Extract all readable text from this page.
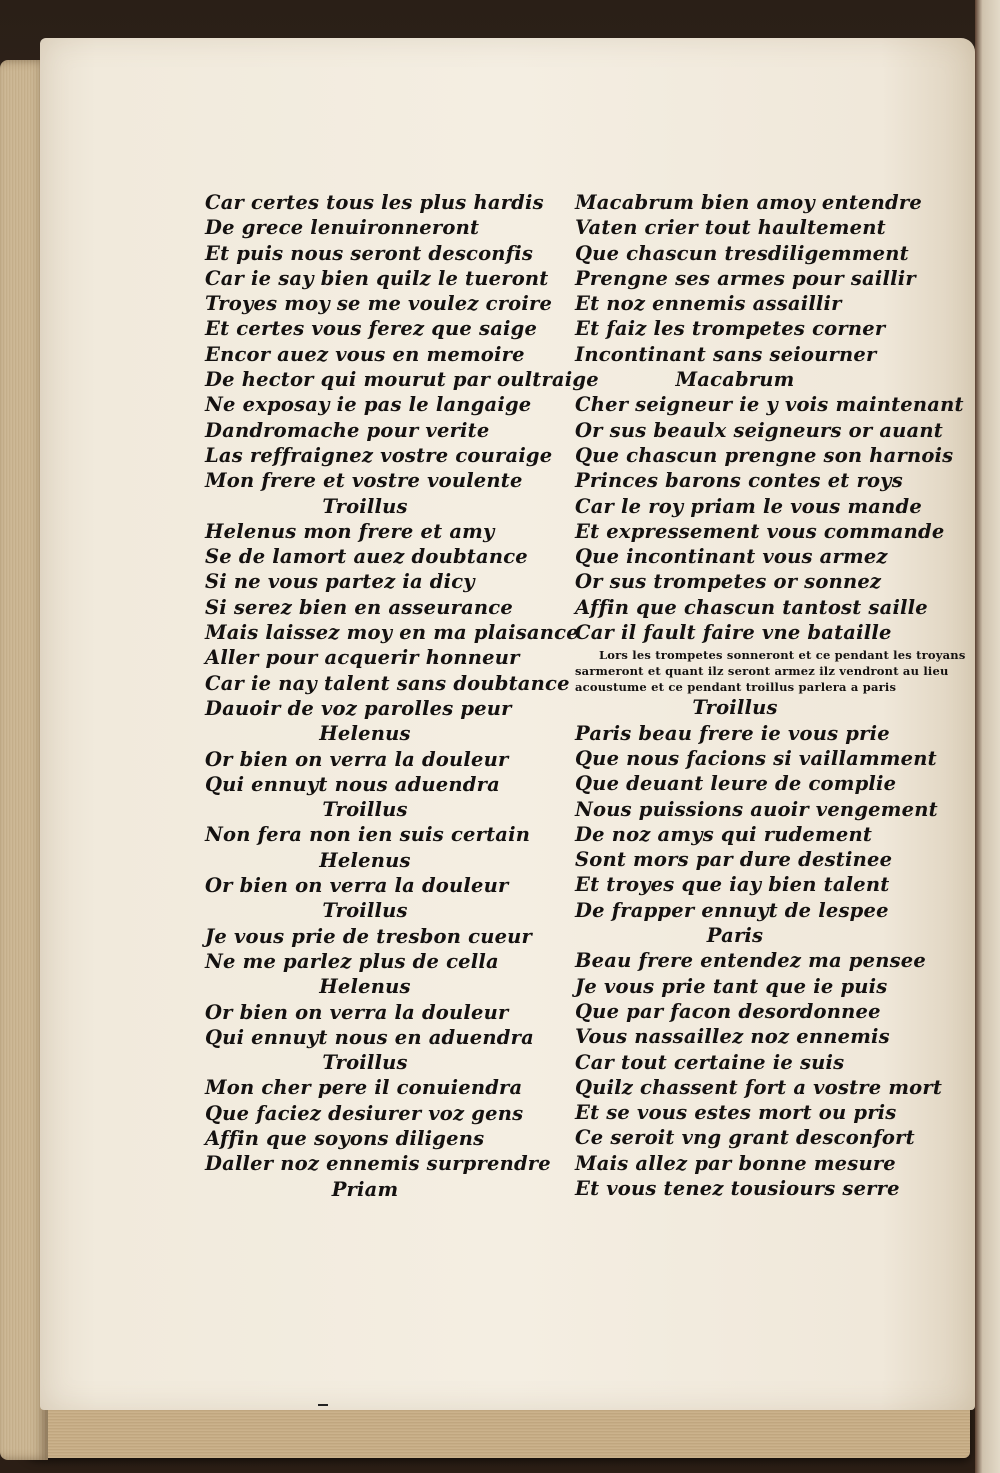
Car certes tous les plus hardis
De grece lenuironneront
Et puis nous seront desconfis
Car ie say bien quilz le tueront
Troyes moy se me voulez croire
Et certes vous ferez que saige
Encor auez vous en memoire
De hector qui mourut par oultraige
Ne exposay ie pas le langaige
Dandromache pour verite
Las reffraignez vostre couraige
Mon frere et vostre voulente
Troillus
Helenus mon frere et amy
Se de lamort auez doubtance
Si ne vous partez ia dicy
Si serez bien en asseurance
Mais laissez moy en ma plaisance
Aller pour acquerir honneur
Car ie nay talent sans doubtance
Dauoir de voz parolles peur
Helenus
Or bien on verra la douleur
Qui ennuyt nous aduendra
Troillus
Non fera non ien suis certain
Helenus
Or bien on verra la douleur
Troillus
Je vous prie de tresbon cueur
Ne me parlez plus de cella
Helenus
Or bien on verra la douleur
Qui ennuyt nous en aduendra
Troillus
Mon cher pere il conuiendra
Que faciez desiurer voz gens
Affin que soyons diligens
Daller noz ennemis surprendre
Priam
Macabrum bien amoy entendre
Vaten crier tout haultement
Que chascun tresdiligemment
Prengne ses armes pour saillir
Et noz ennemis assaillir
Et faiz les trompetes corner
Incontinant sans seiourner
Macabrum
Cher seigneur ie y vois maintenant
Or sus beaulx seigneurs or auant
Que chascun prengne son harnois
Princes barons contes et roys
Car le roy priam le vous mande
Et expressement vous commande
Que incontinant vous armez
Or sus trompetes or sonnez
Affin que chascun tantost saille
Car il fault faire vne bataille
Lors les trompetes sonneront et ce pendant les troyans
sarmeront et quant ilz seront armez ilz vendront au lieu
acoustume et ce pendant troillus parlera a paris
Troillus
Paris beau frere ie vous prie
Que nous facions si vaillamment
Que deuant leure de complie
Nous puissions auoir vengement
De noz amys qui rudement
Sont mors par dure destinee
Et troyes que iay bien talent
De frapper ennuyt de lespee
Paris
Beau frere entendez ma pensee
Je vous prie tant que ie puis
Que par facon desordonnee
Vous nassaillez noz ennemis
Car tout certaine ie suis
Quilz chassent fort a vostre mort
Et se vous estes mort ou pris
Ce seroit vng grant desconfort
Mais allez par bonne mesure
Et vous tenez tousiours serre
